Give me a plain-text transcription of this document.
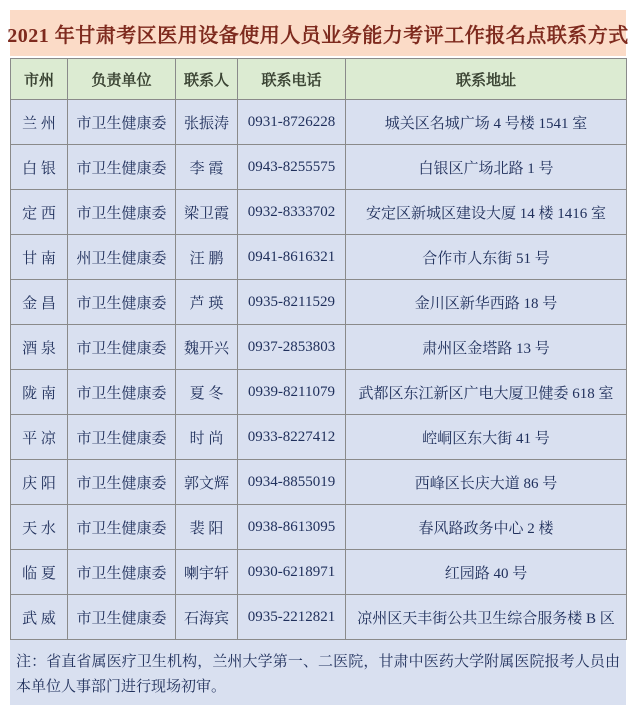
2021 年甘肃考区医用设备使用人员业务能力考评工作报名点联系方式
市州	负责单位	联系人	联系电话	联系地址
兰 州	市卫生健康委	张振涛	0931-8726228	城关区名城广场 4 号楼 1541 室
白 银	市卫生健康委	李 霞	0943-8255575	白银区广场北路 1 号
定 西	市卫生健康委	梁卫霞	0932-8333702	安定区新城区建设大厦 14 楼 1416 室
甘 南	州卫生健康委	汪 鹏	0941-8616321	合作市人东街 51 号
金 昌	市卫生健康委	芦 瑛	0935-8211529	金川区新华西路 18 号
酒 泉	市卫生健康委	魏开兴	0937-2853803	肃州区金塔路 13 号
陇 南	市卫生健康委	夏 冬	0939-8211079	武都区东江新区广电大厦卫健委 618 室
平 凉	市卫生健康委	时 尚	0933-8227412	崆峒区东大街 41 号
庆 阳	市卫生健康委	郭文辉	0934-8855019	西峰区长庆大道 86 号
天 水	市卫生健康委	裴 阳	0938-8613095	春风路政务中心 2 楼
临 夏	市卫生健康委	喇宇轩	0930-6218971	红园路 40 号
武 威	市卫生健康委	石海宾	0935-2212821	凉州区天丰街公共卫生综合服务楼 B 区

注：省直省属医疗卫生机构，兰州大学第一、二医院，甘肃中医药大学附属医院报考人员由本单位人事部门进行现场初审。
